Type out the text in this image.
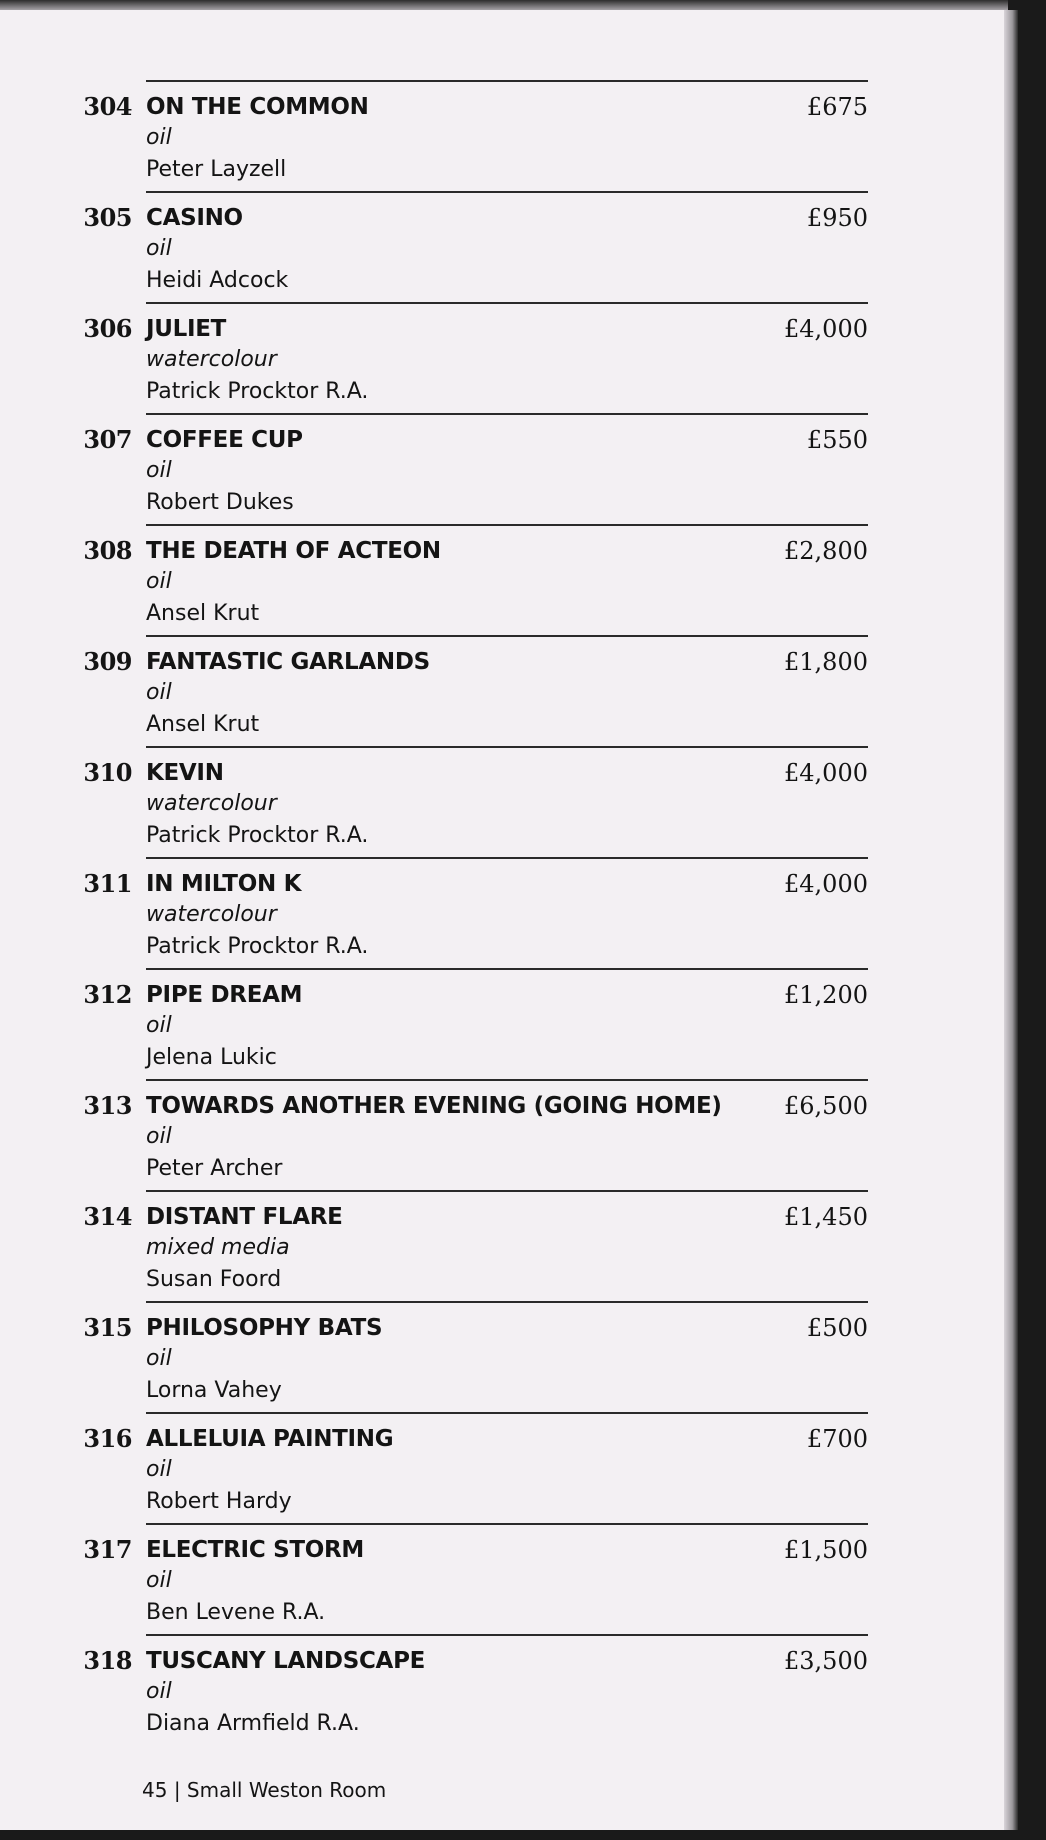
304 ON THE COMMON
oil
Peter Layzell
£675
305 CASINO
oil
Heidi Adcock
£950
306 JULIET
watercolour
Patrick Procktor R.A.
£4,000
307 COFFEE CUP
oil
Robert Dukes
£550
308 THE DEATH OF ACTEON
oil
Ansel Krut
£2,800
309 FANTASTIC GARLANDS
oil
Ansel Krut
£1,800
310 KEVIN
watercolour
Patrick Procktor R.A.
£4,000
311 IN MILTON K
watercolour
Patrick Procktor R.A.
£4,000
312 PIPE DREAM
oil
Jelena Lukic
£1,200
313 TOWARDS ANOTHER EVENING (GOING HOME)
oil
Peter Archer
£6,500
314 DISTANT FLARE
mixed media
Susan Foord
£1,450
315 PHILOSOPHY BATS
oil
Lorna Vahey
£500
316 ALLELUIA PAINTING
oil
Robert Hardy
£700
317 ELECTRIC STORM
oil
Ben Levene R.A.
£1,500
318 TUSCANY LANDSCAPE
oil
Diana Armfield R.A.
£3,500
45 | Small Weston Room
